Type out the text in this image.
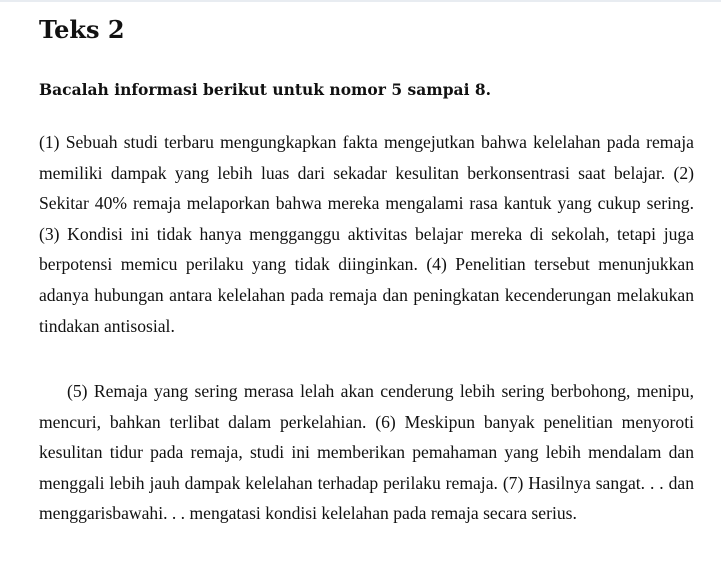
Teks 2

Bacalah informasi berikut untuk nomor 5 sampai 8.

(1) Sebuah studi terbaru mengungkapkan fakta mengejutkan bahwa kelelahan pada remaja memiliki dampak yang lebih luas dari sekadar kesulitan berkonsentrasi saat belajar. (2) Sekitar 40% remaja melaporkan bahwa mereka mengalami rasa kantuk yang cukup sering. (3) Kondisi ini tidak hanya mengganggu aktivitas belajar mereka di sekolah, tetapi juga berpotensi memicu perilaku yang tidak diinginkan. (4) Penelitian tersebut menunjukkan adanya hubungan antara kelelahan pada remaja dan peningkatan kecenderungan melakukan tindakan antisosial.

(5) Remaja yang sering merasa lelah akan cenderung lebih sering berbohong, menipu, mencuri, bahkan terlibat dalam perkelahian. (6) Meskipun banyak penelitian menyoroti kesulitan tidur pada remaja, studi ini memberikan pemahaman yang lebih mendalam dan menggali lebih jauh dampak kelelahan terhadap perilaku remaja. (7) Hasilnya sangat. . . dan menggarisbawahi. . . mengatasi kondisi kelelahan pada remaja secara serius.
